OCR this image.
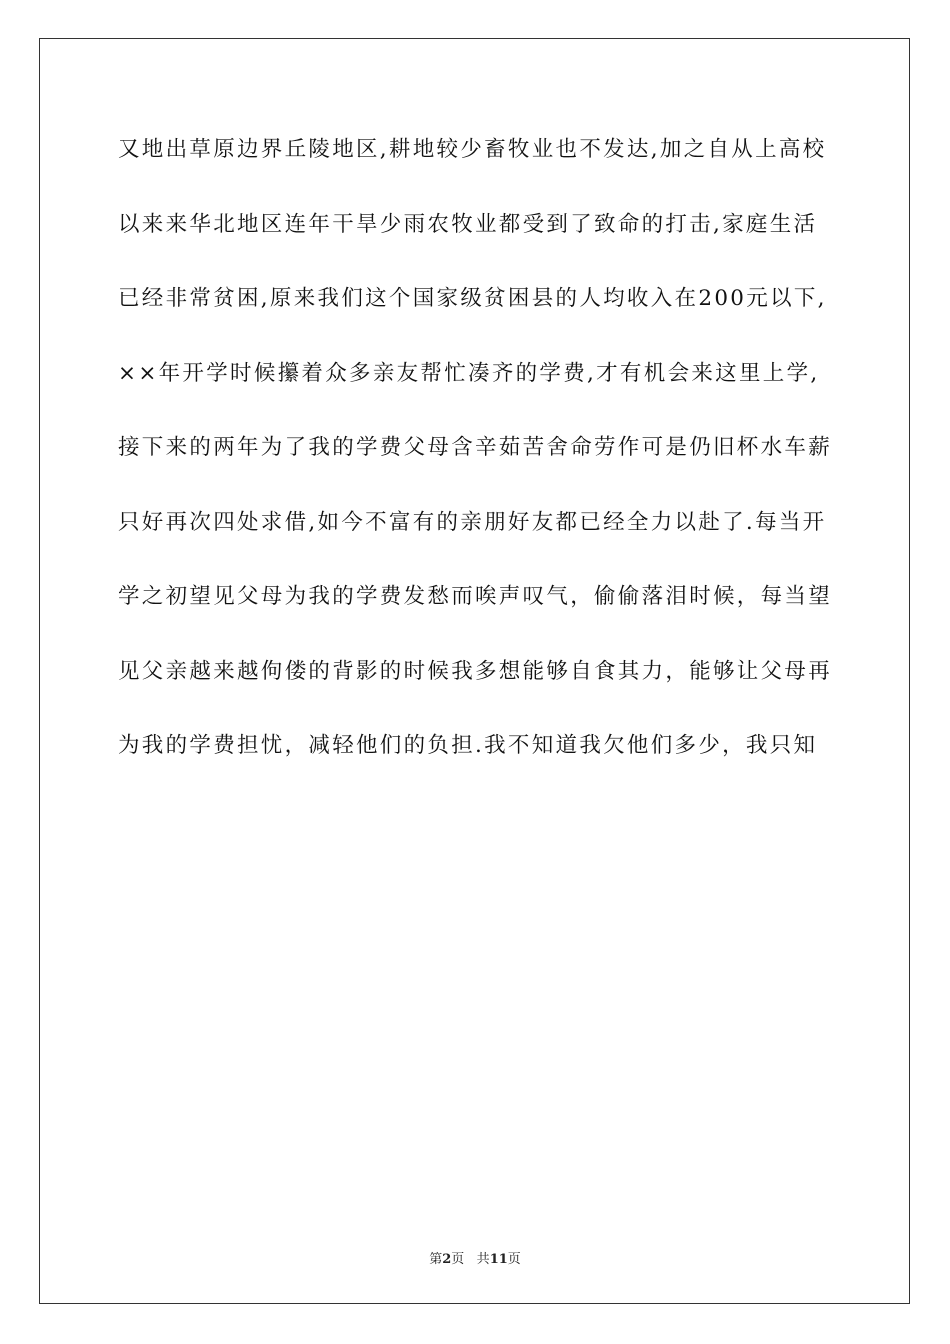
又地出草原边界丘陵地区,耕地较少畜牧业也不发达,加之自从上高校
以来来华北地区连年干旱少雨农牧业都受到了致命的打击,家庭生活
已经非常贫困,原来我们这个国家级贫困县的人均收入在200元以下,
××年开学时候攥着众多亲友帮忙凑齐的学费,才有机会来这里上学,
接下来的两年为了我的学费父母含辛茹苦舍命劳作可是仍旧杯水车薪
只好再次四处求借,如今不富有的亲朋好友都已经全力以赴了.每当开
学之初望见父母为我的学费发愁而唉声叹气，偷偷落泪时候，每当望
见父亲越来越佝偻的背影的时候我多想能够自食其力，能够让父母再
为我的学费担忧，减轻他们的负担.我不知道我欠他们多少，我只知
第2页 共11页
